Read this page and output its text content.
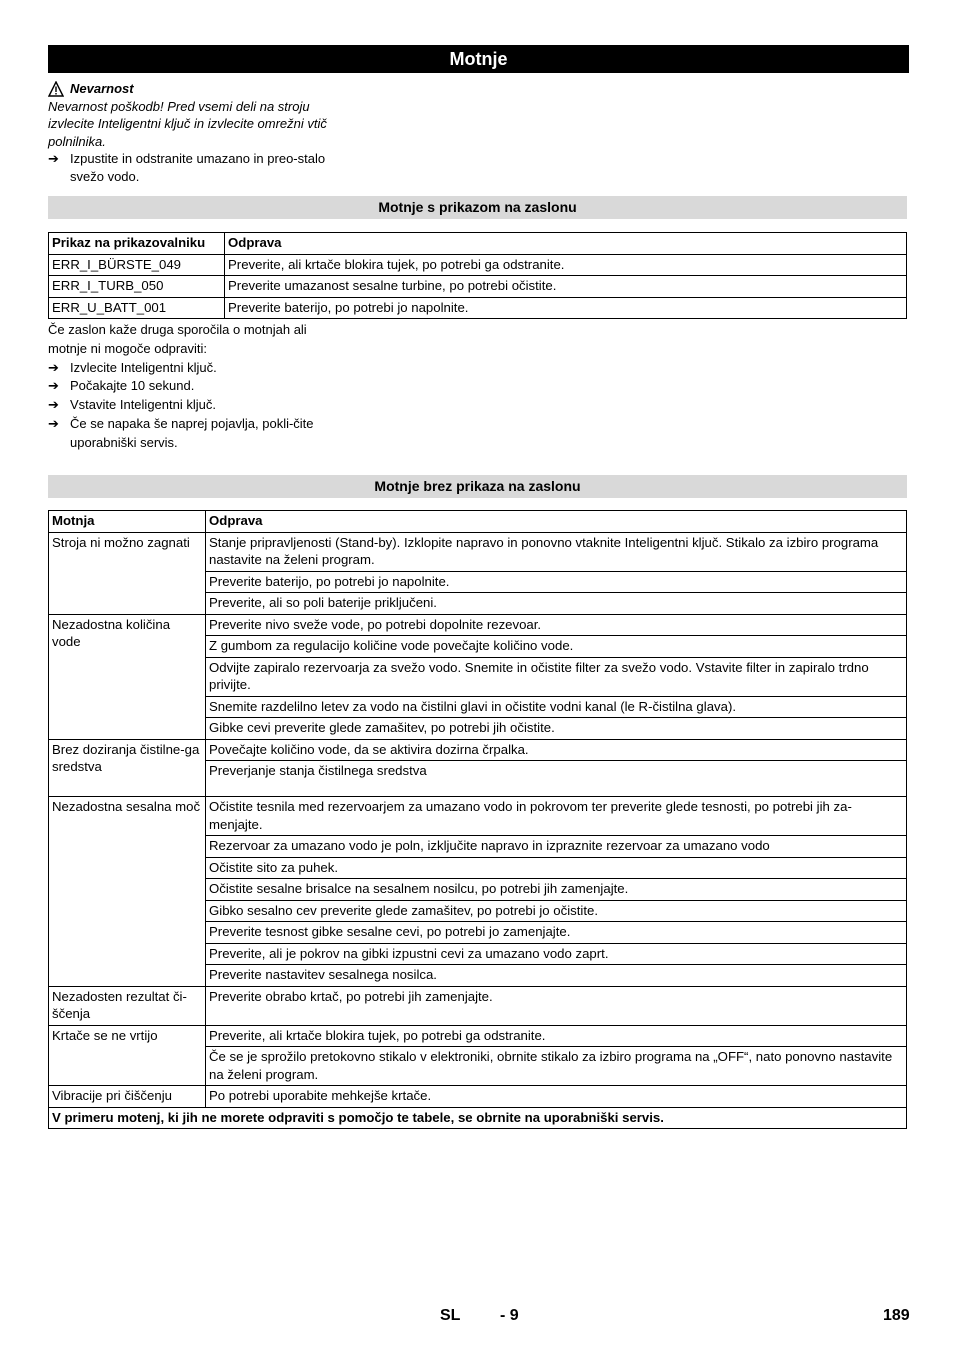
Motnje
Nevarnost
Nevarnost poškodb! Pred vsemi deli na stroju izvlecite Inteligentni ključ in izvlecite omrežni vtič polnilnika.
➔ Izpustite in odstranite umazano in preo-stalo svežo vodo.
Motnje s prikazom na zaslonu
Prikaz na prikazovalniku	Odprava
ERR_I_BÜRSTE_049	Preverite, ali krtače blokira tujek, po potrebi ga odstranite.
ERR_I_TURB_050	Preverite umazanost sesalne turbine, po potrebi očistite.
ERR_U_BATT_001	Preverite baterijo, po potrebi jo napolnite.
Če zaslon kaže druga sporočila o motnjah ali motnje ni mogoče odpraviti:
➔ Izvlecite Inteligentni ključ.
➔ Počakajte 10 sekund.
➔ Vstavite Inteligentni ključ.
➔ Če se napaka še naprej pojavlja, pokli-čite uporabniški servis.
Motnje brez prikaza na zaslonu
Motnja	Odprava
Stroja ni možno zagnati	Stanje pripravljenosti (Stand-by). Izklopite napravo in ponovno vtaknite Inteligentni ključ. Stikalo za izbiro programa nastavite na želeni program.
	Preverite baterijo, po potrebi jo napolnite.
	Preverite, ali so poli baterije priključeni.
Nezadostna količina vode	Preverite nivo sveže vode, po potrebi dopolnite rezevoar.
	Z gumbom za regulacijo količine vode povečajte količino vode.
	Odvijte zapiralo rezervoarja za svežo vodo. Snemite in očistite filter za svežo vodo. Vstavite filter in zapiralo trdno privijte.
	Snemite razdelilno letev za vodo na čistilni glavi in očistite vodni kanal (le R-čistilna glava).
	Gibke cevi preverite glede zamašitev, po potrebi jih očistite.
Brez doziranja čistilne-ga sredstva	Povečajte količino vode, da se aktivira dozirna črpalka.
	Preverjanje stanja čistilnega sredstva
Nezadostna sesalna moč	Očistite tesnila med rezervoarjem za umazano vodo in pokrovom ter preverite glede tesnosti, po potrebi jih za-menjajte.
	Rezervoar za umazano vodo je poln, izključite napravo in izpraznite rezervoar za umazano vodo
	Očistite sito za puhek.
	Očistite sesalne brisalce na sesalnem nosilcu, po potrebi jih zamenjajte.
	Gibko sesalno cev preverite glede zamašitev, po potrebi jo očistite.
	Preverite tesnost gibke sesalne cevi, po potrebi jo zamenjajte.
	Preverite, ali je pokrov na gibki izpustni cevi za umazano vodo zaprt.
	Preverite nastavitev sesalnega nosilca.
Nezadosten rezultat či-ščenja	Preverite obrabo krtač, po potrebi jih zamenjajte.
Krtače se ne vrtijo	Preverite, ali krtače blokira tujek, po potrebi ga odstranite.
	Če se je sprožilo pretokovno stikalo v elektroniki, obrnite stikalo za izbiro programa na „OFF“, nato ponovno nastavite na želeni program.
Vibracije pri čiščenju	Po potrebi uporabite mehkejše krtače.
V primeru motenj, ki jih ne morete odpraviti s pomočjo te tabele, se obrnite na uporabniški servis.	
SL - 9	189
